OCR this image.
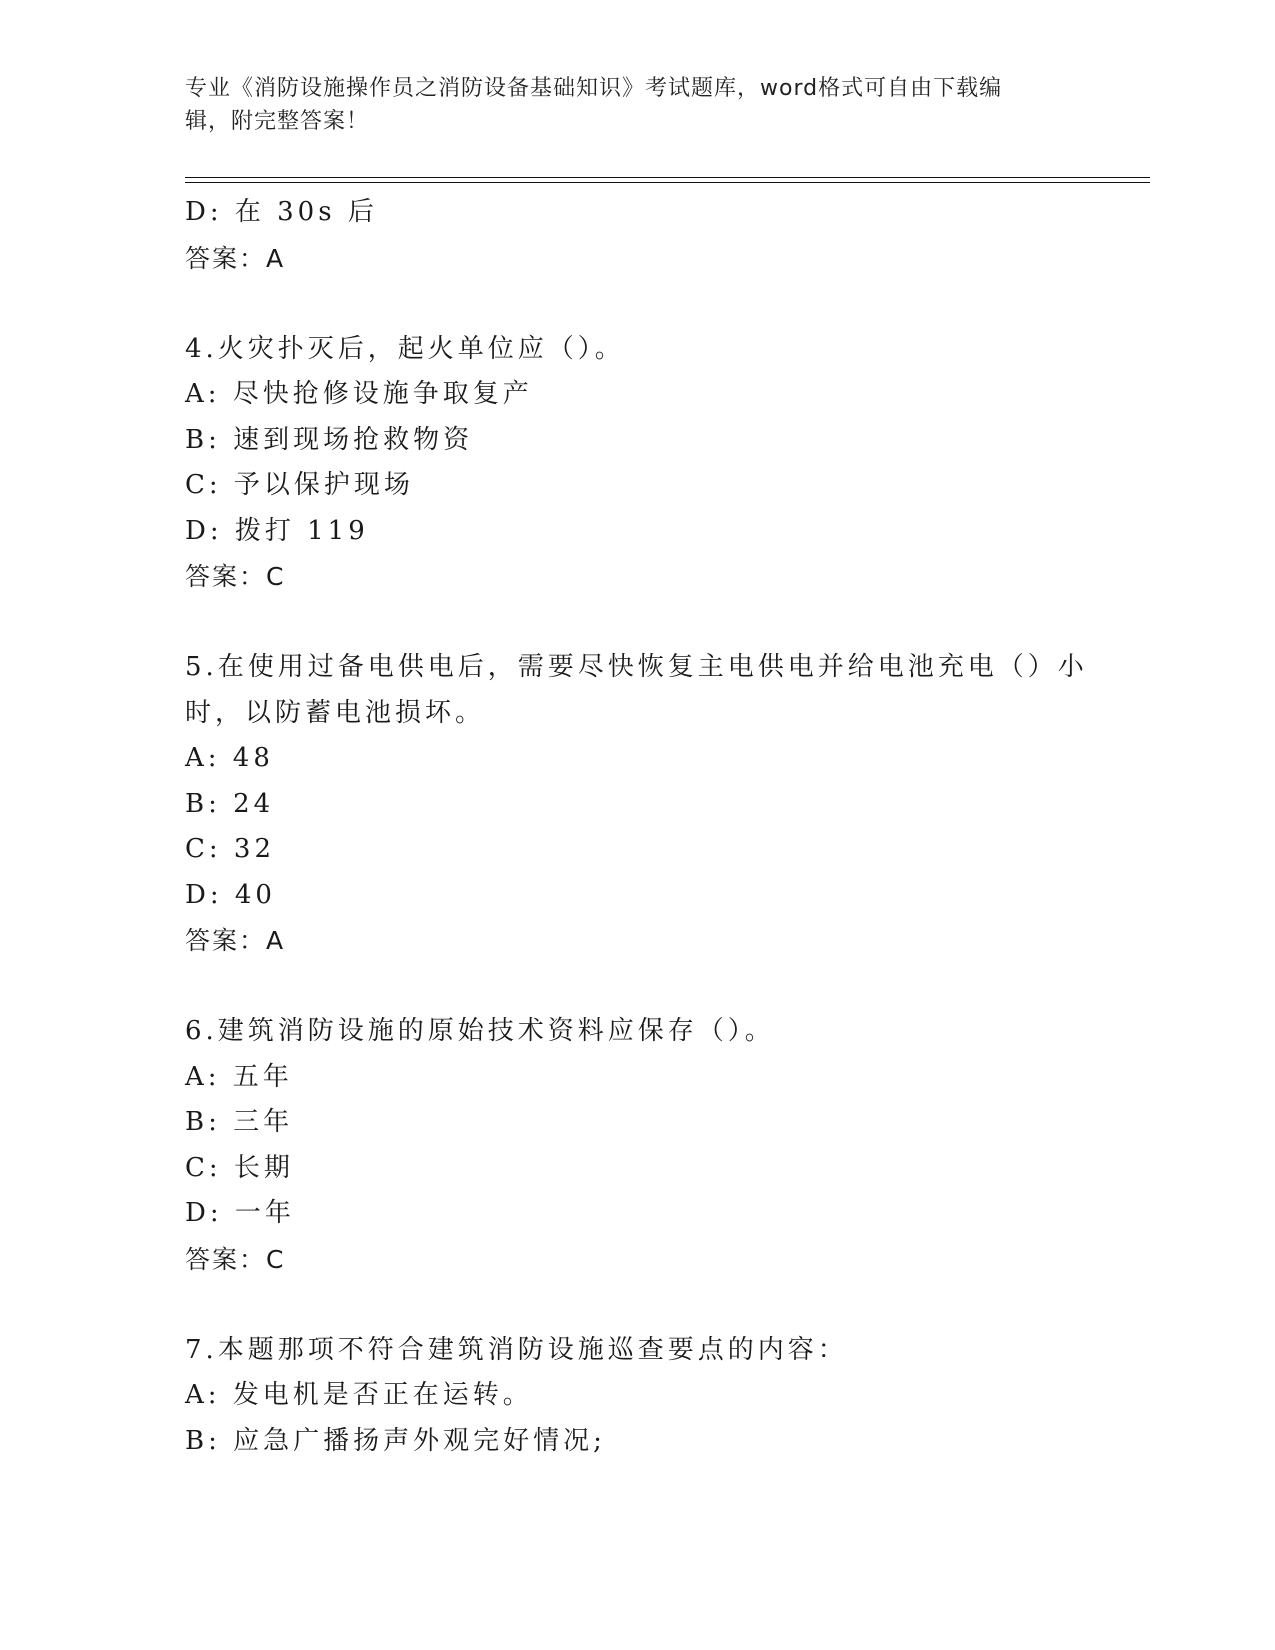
专业《消防设施操作员之消防设备基础知识》考试题库，word格式可自由下载编
辑，附完整答案！
D: 在 30s 后
答案：A
4.火灾扑灭后，起火单位应（）。
A: 尽快抢修设施争取复产
B: 速到现场抢救物资
C: 予以保护现场
D: 拨打 119
答案：C
5.在使用过备电供电后，需要尽快恢复主电供电并给电池充电（）小
时，以防蓄电池损坏。
A: 48
B: 24
C: 32
D: 40
答案：A
6.建筑消防设施的原始技术资料应保存（）。
A: 五年
B: 三年
C: 长期
D: 一年
答案：C
7.本题那项不符合建筑消防设施巡查要点的内容：
A: 发电机是否正在运转。
B: 应急广播扬声外观完好情况;
